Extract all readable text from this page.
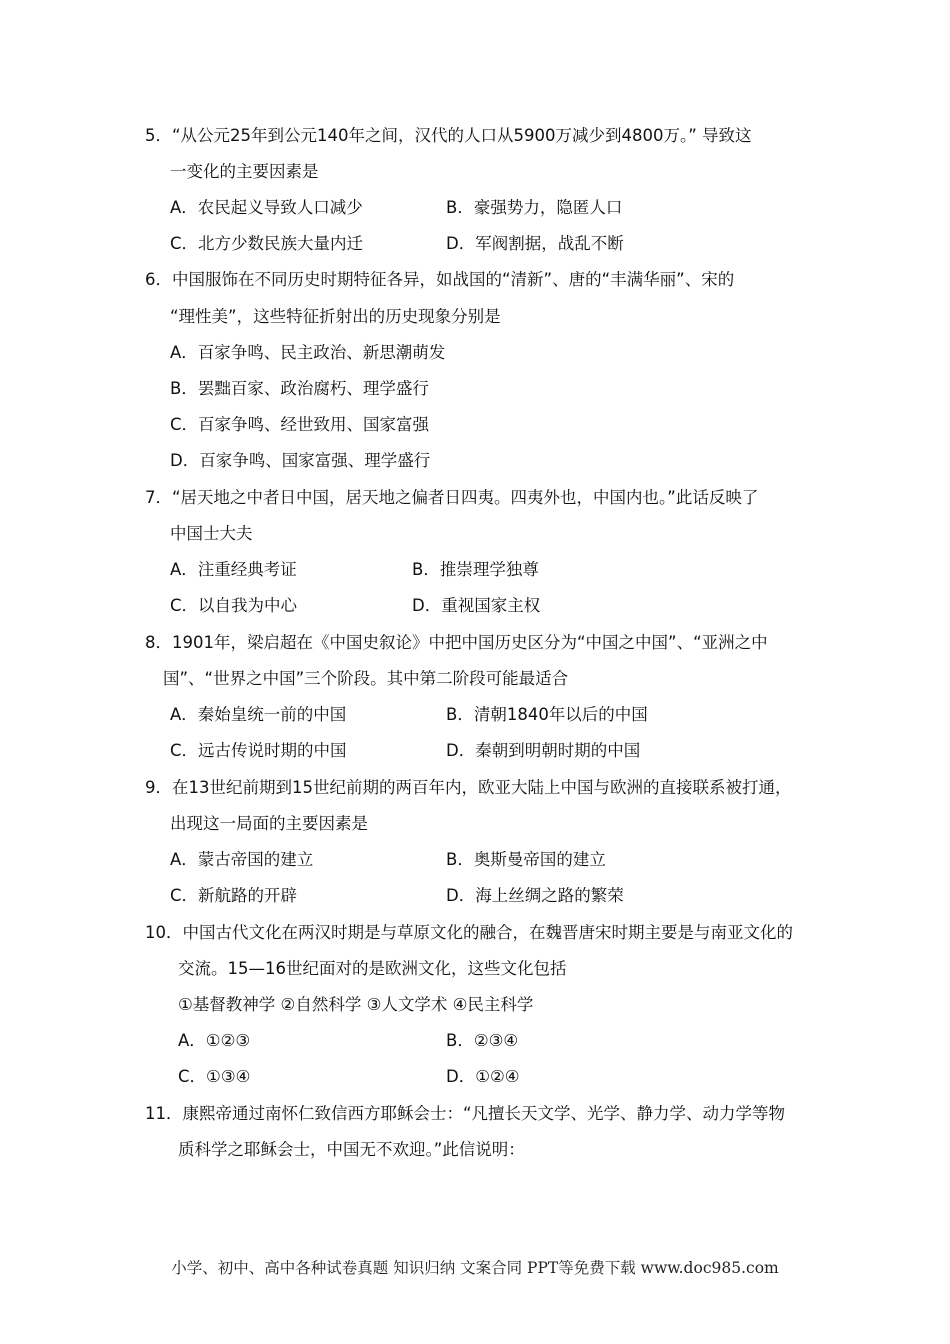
5．“从公元25年到公元140年之间，汉代的人口从5900万减少到4800万。” 导致这
一变化的主要因素是
A．农民起义导致人口减少	B．豪强势力，隐匿人口
C．北方少数民族大量内迁	D．军阀割据，战乱不断
6．中国服饰在不同历史时期特征各异，如战国的“清新”、唐的“丰满华丽”、宋的
“理性美”，这些特征折射出的历史现象分别是
A．百家争鸣、民主政治、新思潮萌发
B．罢黜百家、政治腐朽、理学盛行
C．百家争鸣、经世致用、国家富强
D．百家争鸣、国家富强、理学盛行
7．“居天地之中者日中国，居天地之偏者日四夷。四夷外也，中国内也。”此话反映了
中国士大夫
A．注重经典考证	B．推崇理学独尊
C．以自我为中心	D．重视国家主权
8．1901年，梁启超在《中国史叙论》中把中国历史区分为“中国之中国”、“亚洲之中
国”、“世界之中国”三个阶段。其中第二阶段可能最适合
A．秦始皇统一前的中国	B．清朝1840年以后的中国
C．远古传说时期的中国	D．秦朝到明朝时期的中国
9．在13世纪前期到15世纪前期的两百年内，欧亚大陆上中国与欧洲的直接联系被打通，
出现这一局面的主要因素是
A．蒙古帝国的建立	B．奥斯曼帝国的建立
C．新航路的开辟	D．海上丝绸之路的繁荣
10．中国古代文化在两汉时期是与草原文化的融合，在魏晋唐宋时期主要是与南亚文化的
交流。15—16世纪面对的是欧洲文化，这些文化包括
①基督教神学 ②自然科学 ③人文学术 ④民主科学
A．①②③	B．②③④
C．①③④	D．①②④
11．康熙帝通过南怀仁致信西方耶稣会士：“凡擅长天文学、光学、静力学、动力学等物
质科学之耶稣会士，中国无不欢迎。”此信说明：
小学、初中、高中各种试卷真题 知识归纳 文案合同 PPT等免费下载 www.doc985.com
